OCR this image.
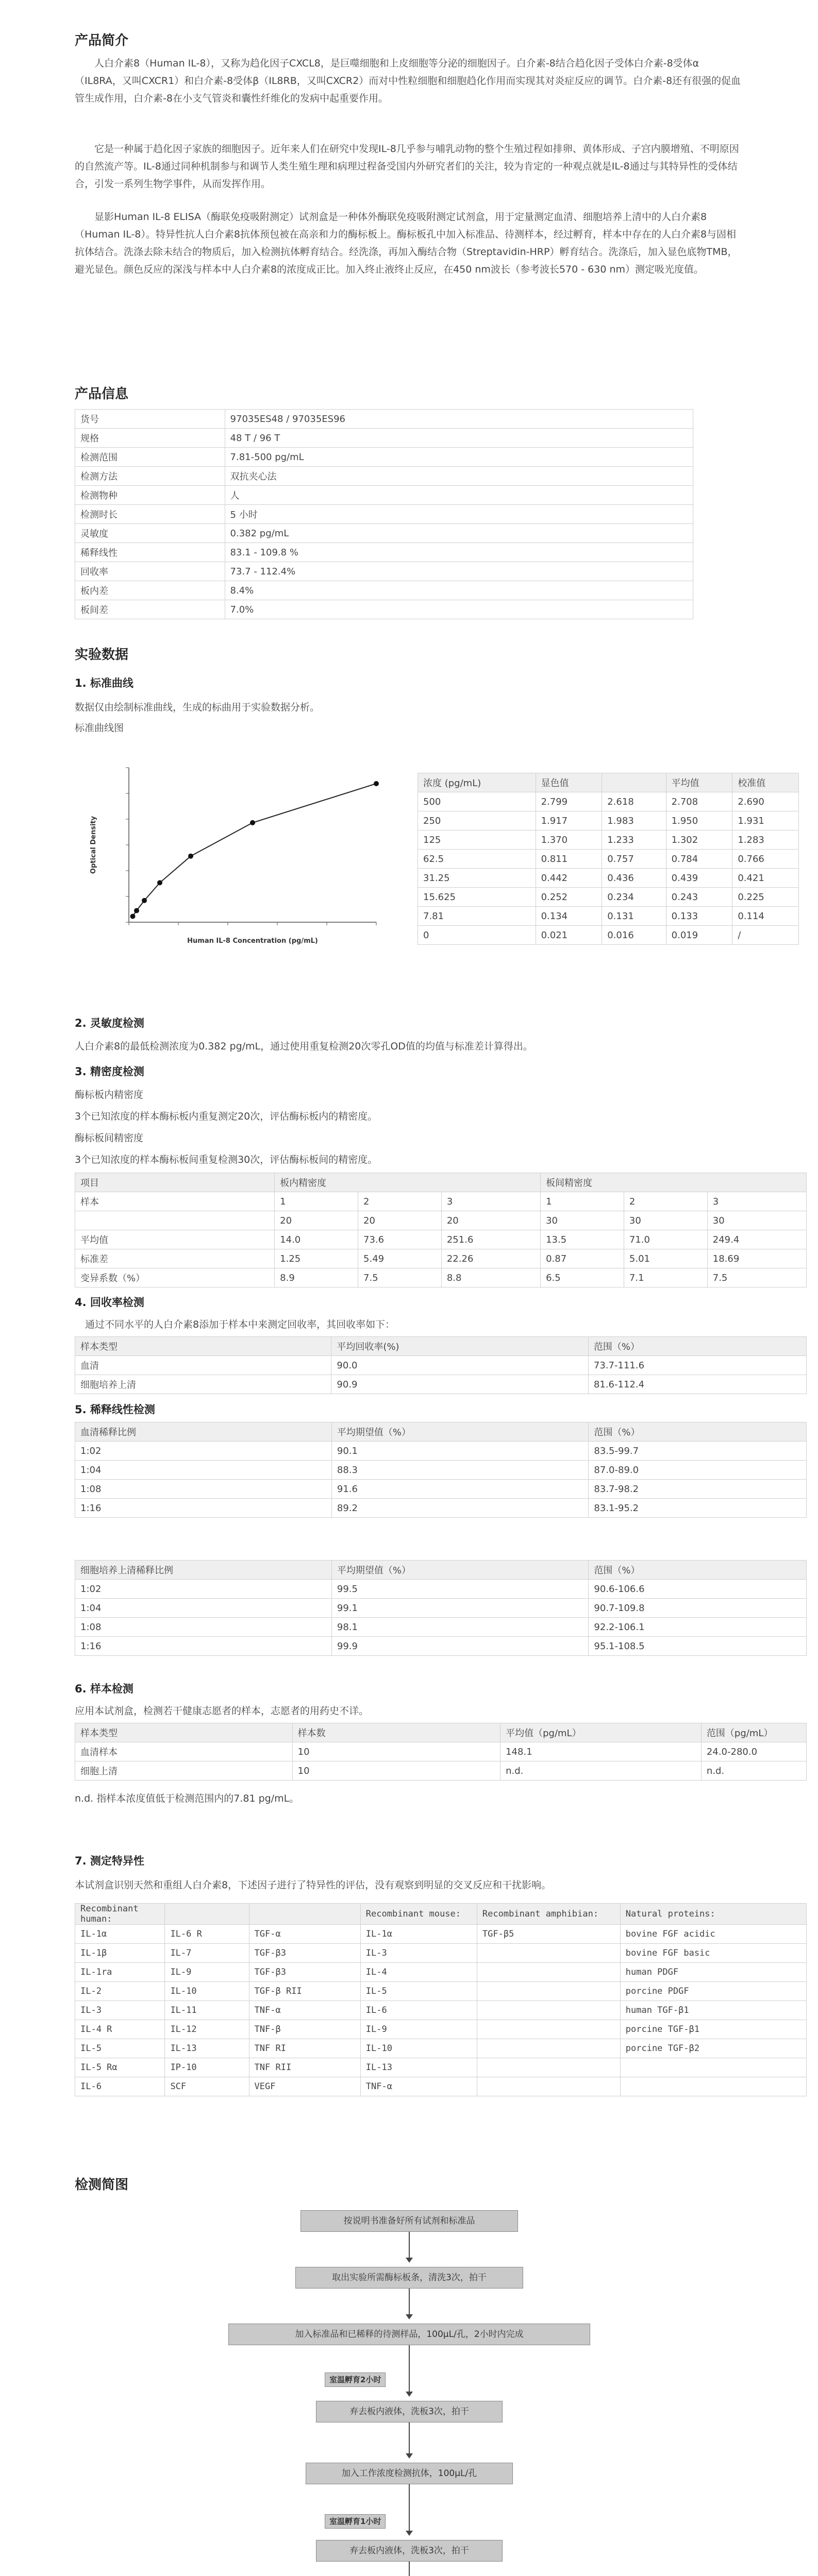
产品简介

人白介素8（Human IL-8），又称为趋化因子CXCL8，是巨噬细胞和上皮细胞等分泌的细胞因子。白介素-8结合趋化因子受体白介素-8受体α（IL8RA，又叫CXCR1）和白介素-8受体β（IL8RB，又叫CXCR2）而对中性粒细胞和细胞趋化作用而实现其对炎症反应的调节。白介素-8还有很强的促血管生成作用，白介素-8在小支气管炎和囊性纤维化的发病中起重要作用。

它是一种属于趋化因子家族的细胞因子。近年来人们在研究中发现IL-8几乎参与哺乳动物的整个生殖过程如排卵、黄体形成、子宫内膜增殖、不明原因的自然流产等。IL-8通过同种机制参与和调节人类生殖生理和病理过程备受国内外研究者们的关注，较为肯定的一种观点就是IL-8通过与其特异性的受体结合，引发一系列生物学事件，从而发挥作用。

显影Human IL-8 ELISA（酶联免疫吸附测定）试剂盒是一种体外酶联免疫吸附测定试剂盒，用于定量测定血清、细胞培养上清中的人白介素8（Human IL-8）。特异性抗人白介素8抗体预包被在高亲和力的酶标板上。酶标板孔中加入标准品、待测样本，经过孵育，样本中存在的人白介素8与固相抗体结合。洗涤去除未结合的物质后，加入检测抗体孵育结合。经洗涤，再加入酶结合物（Streptavidin-HRP）孵育结合。洗涤后，加入显色底物TMB，避光显色。颜色反应的深浅与样本中人白介素8的浓度成正比。加入终止液终止反应，在450 nm波长（参考波长570 - 630 nm）测定吸光度值。

产品信息
货号	97035ES48 / 97035ES96
规格	48 T / 96 T
检测范围	7.81-500 pg/mL
检测方法	双抗夹心法
检测物种	人
检测时长	5 小时
灵敏度	0.382 pg/mL
稀释线性	83.1 - 109.8 %
回收率	73.7 - 112.4%
板内差	8.4%
板间差	7.0%
实验数据
1. 标准曲线
数据仅由绘制标准曲线，生成的标曲用于实验数据分析。
标准曲线图
Human IL-8 Concentration (pg/mL)
Optical Density
浓度 (pg/mL)	显色值		平均值	校准值
500	2.799	2.618	2.708	2.690
250	1.917	1.983	1.950	1.931
125	1.370	1.233	1.302	1.283
62.5	0.811	0.757	0.784	0.766
31.25	0.442	0.436	0.439	0.421
15.625	0.252	0.234	0.243	0.225
7.81	0.134	0.131	0.133	0.114
0	0.021	0.016	0.019	/
2. 灵敏度检测
人白介素8的最低检测浓度为0.382 pg/mL，通过使用重复检测20次零孔OD值的均值与标准差计算得出。
3. 精密度检测
酶标板内精密度
3个已知浓度的样本酶标板内重复测定20次，评估酶标板内的精密度。
酶标板间精密度
3个已知浓度的样本酶标板间重复检测30次，评估酶标板间的精密度。
项目	板内精密度			板间精密度		
样本	1	2	3	1	2	3
	20	20	20	30	30	30
平均值	14.0	73.6	251.6	13.5	71.0	249.4
标准差	1.25	5.49	22.26	0.87	5.01	18.69
变异系数（%）	8.9	7.5	8.8	6.5	7.1	7.5
4. 回收率检测
通过不同水平的人白介素8添加于样本中来测定回收率，其回收率如下：
样本类型	平均回收率(%)	范围（%）
血清	90.0	73.7-111.6
细胞培养上清	90.9	81.6-112.4
5. 稀释线性检测
血清稀释比例	平均期望值（%）	范围（%）
1:02	90.1	83.5-99.7
1:04	88.3	87.0-89.0
1:08	91.6	83.7-98.2
1:16	89.2	83.1-95.2
细胞培养上清稀释比例	平均期望值（%）	范围（%）
1:02	99.5	90.6-106.6
1:04	99.1	90.7-109.8
1:08	98.1	92.2-106.1
1:16	99.9	95.1-108.5
6. 样本检测
应用本试剂盒，检测若干健康志愿者的样本，志愿者的用药史不详。
样本类型	样本数	平均值（pg/mL）	范围（pg/mL）
血清样本	10	148.1	24.0-280.0
细胞上清	10	n.d.	n.d.
n.d. 指样本浓度值低于检测范围内的7.81 pg/mL。
7. 测定特异性
本试剂盒识别天然和重组人白介素8，下述因子进行了特异性的评估，没有观察到明显的交叉反应和干扰影响。
Recombinant human:			Recombinant mouse:	Recombinant amphibian:	Natural proteins:
IL-1α	IL-6 R	TGF-α	IL-1α	TGF-β5	bovine FGF acidic
IL-1β	IL-7	TGF-β3	IL-3		bovine FGF basic
IL-1ra	IL-9	TGF-β3	IL-4		human PDGF
IL-2	IL-10	TGF-β RII	IL-5		porcine PDGF
IL-3	IL-11	TNF-α	IL-6		human TGF-β1
IL-4 R	IL-12	TNF-β	IL-9		porcine TGF-β1
IL-5	IL-13	TNF RI	IL-10		porcine TGF-β2
IL-5 Rα	IP-10	TNF RII	IL-13		
IL-6	SCF	VEGF	TNF-α		
检测简图
按说明书准备好所有试剂和标准品
取出实验所需酶标板条，清洗3次，拍干
加入标准品和已稀释的待测样品，100μL/孔，2小时内完成
弃去板内液体，洗板3次，拍干
加入工作浓度检测抗体，100μL/孔
弃去板内液体，洗板3次，拍干
室温孵育2小时
室温孵育1小时
